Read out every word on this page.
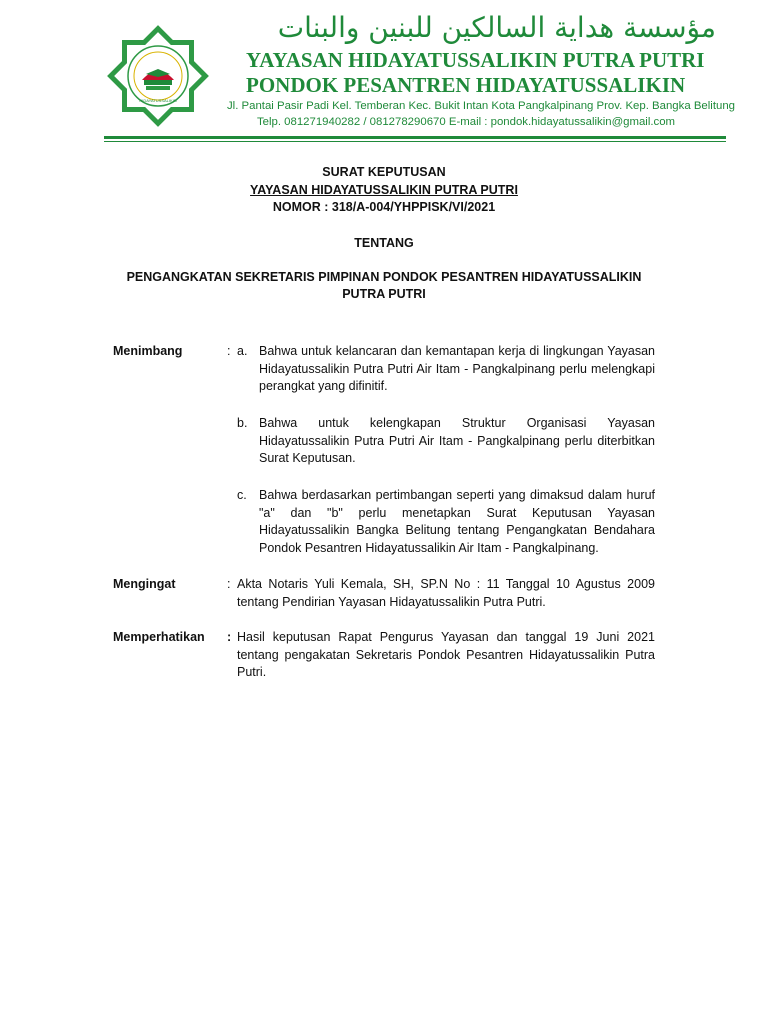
HIDAYATUSSALIKIN
مؤسسة هداية السالكين للبنين والبنات
YAYASAN HIDAYATUSSALIKIN PUTRA PUTRI
PONDOK PESANTREN HIDAYATUSSALIKIN
Jl. Pantai Pasir Padi Kel. Temberan Kec. Bukit Intan Kota Pangkalpinang Prov. Kep. Bangka Belitung
Telp. 081271940282 / 081278290670 E-mail : pondok.hidayatussalikin@gmail.com
SURAT KEPUTUSAN
YAYASAN HIDAYATUSSALIKIN PUTRA PUTRI
NOMOR : 318/A-004/YHPPISK/VI/2021
TENTANG
PENGANGKATAN SEKRETARIS PIMPINAN PONDOK PESANTREN HIDAYATUSSALIKIN
PUTRA PUTRI
Menimbang	: a. Bahwa untuk kelancaran dan kemantapan kerja di lingkungan Yayasan
Hidayatussalikin Putra Putri Air Itam - Pangkalpinang perlu melengkapi
perangkat yang difinitif.
b. Bahwa untuk kelengkapan Struktur Organisasi Yayasan
Hidayatussalikin Putra Putri Air Itam - Pangkalpinang perlu diterbitkan
Surat Keputusan.
c. Bahwa berdasarkan pertimbangan seperti yang dimaksud dalam huruf
"a" dan "b" perlu menetapkan Surat Keputusan Yayasan
Hidayatussalikin Bangka Belitung tentang Pengangkatan Bendahara
Pondok Pesantren Hidayatussalikin Air Itam - Pangkalpinang.
Mengingat	: Akta Notaris Yuli Kemala, SH, SP.N No : 11 Tanggal 10 Agustus 2009
tentang Pendirian Yayasan Hidayatussalikin Putra Putri.
Memperhatikan : Hasil keputusan Rapat Pengurus Yayasan dan tanggal 19 Juni 2021
tentang pengakatan Sekretaris Pondok Pesantren Hidayatussalikin Putra
Putri.
